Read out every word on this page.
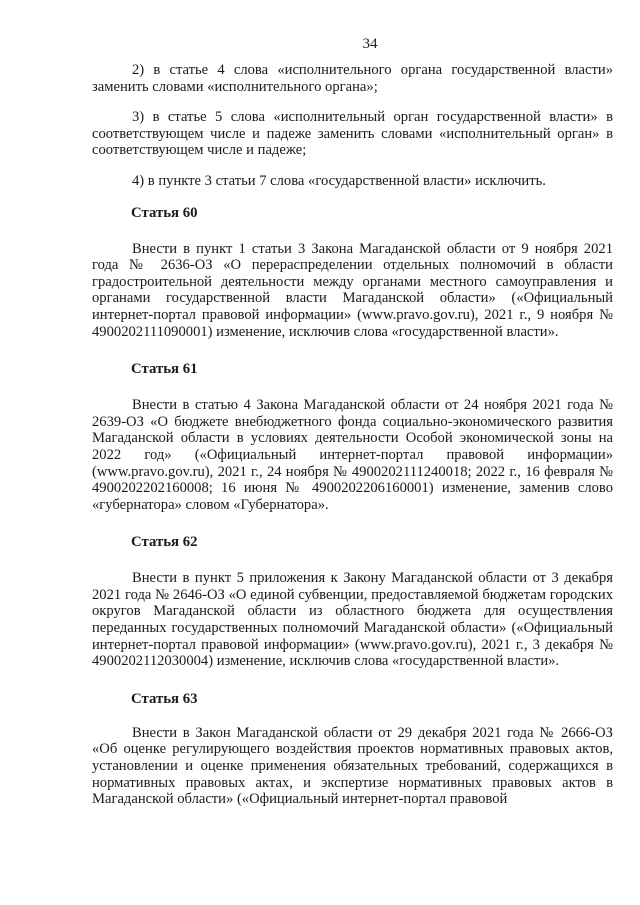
34

2) в статье 4 слова «исполнительного органа государственной власти» заменить словами «исполнительного органа»;

3) в статье 5 слова «исполнительный орган государственной власти» в соответствующем числе и падеже заменить словами «исполнительный орган» в соответствующем числе и падеже;

4) в пункте 3 статьи 7 слова «государственной власти» исключить.

Статья 60

Внести в пункт 1 статьи 3 Закона Магаданской области от 9 ноября 2021 года № 2636-ОЗ «О перераспределении отдельных полномочий в области градостроительной деятельности между органами местного самоуправления и органами государственной власти Магаданской области» («Официальный интернет-портал правовой информации» (www.pravo.gov.ru), 2021 г., 9 ноября № 4900202111090001) изменение, исключив слова «государственной власти».

Статья 61

Внести в статью 4 Закона Магаданской области от 24 ноября 2021 года № 2639-ОЗ «О бюджете внебюджетного фонда социально-экономического развития Магаданской области в условиях деятельности Особой экономической зоны на 2022 год» («Официальный интернет-портал правовой информации» (www.pravo.gov.ru), 2021 г., 24 ноября № 4900202111240018; 2022 г., 16 февраля № 4900202202160008; 16 июня № 4900202206160001) изменение, заменив слово «губернатора» словом «Губернатора».

Статья 62

Внести в пункт 5 приложения к Закону Магаданской области от 3 декабря 2021 года № 2646-ОЗ «О единой субвенции, предоставляемой бюджетам городских округов Магаданской области из областного бюджета для осуществления переданных государственных полномочий Магаданской области» («Официальный интернет-портал правовой информации» (www.pravo.gov.ru), 2021 г., 3 декабря № 4900202112030004) изменение, исключив слова «государственной власти».

Статья 63

Внести в Закон Магаданской области от 29 декабря 2021 года № 2666-ОЗ «Об оценке регулирующего воздействия проектов нормативных правовых актов, установлении и оценке применения обязательных требований, содержащихся в нормативных правовых актах, и экспертизе нормативных правовых актов в Магаданской области» («Официальный интернет-портал правовой
